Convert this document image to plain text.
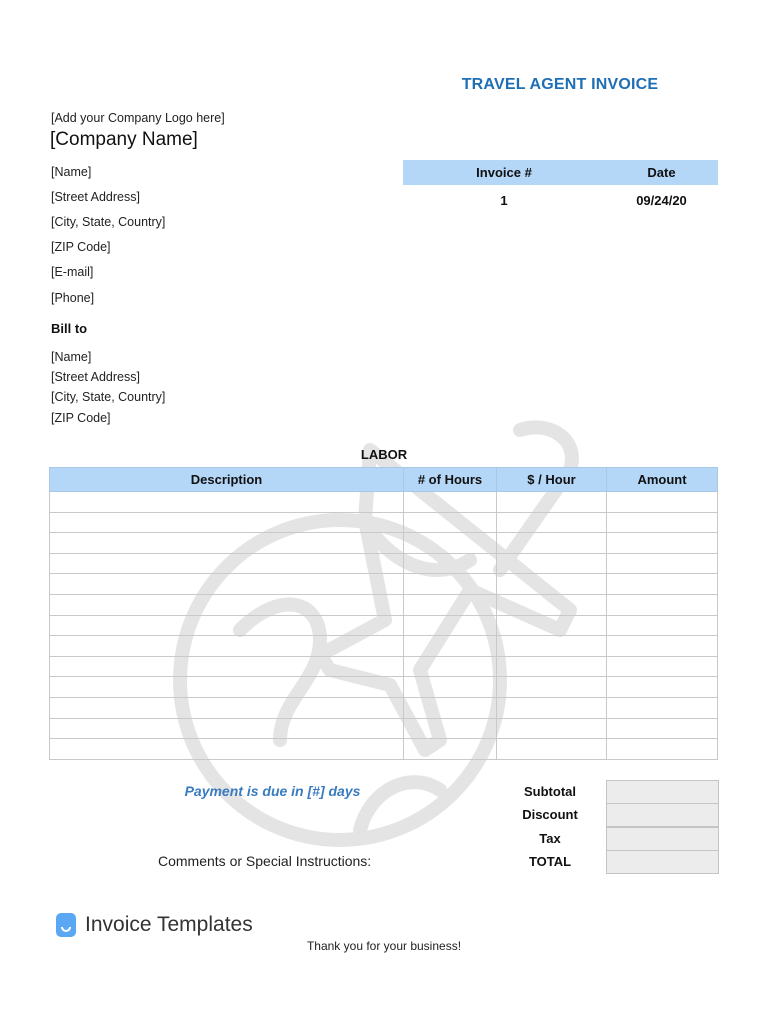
TRAVEL AGENT INVOICE
[Add your Company Logo here]
[Company Name]
[Name]
[Street Address]
[City, State, Country]
[ZIP Code]
[E-mail]
[Phone]
Bill to
[Name]
[Street Address]
[City, State, Country]
[ZIP Code]
Invoice #	Date
1	09/24/20
LABOR
Description	# of Hours	$ / Hour	Amount

Payment is due in [#] days
Comments or Special Instructions:
Subtotal
Discount
Tax
TOTAL
Invoice Templates
Thank you for your business!
